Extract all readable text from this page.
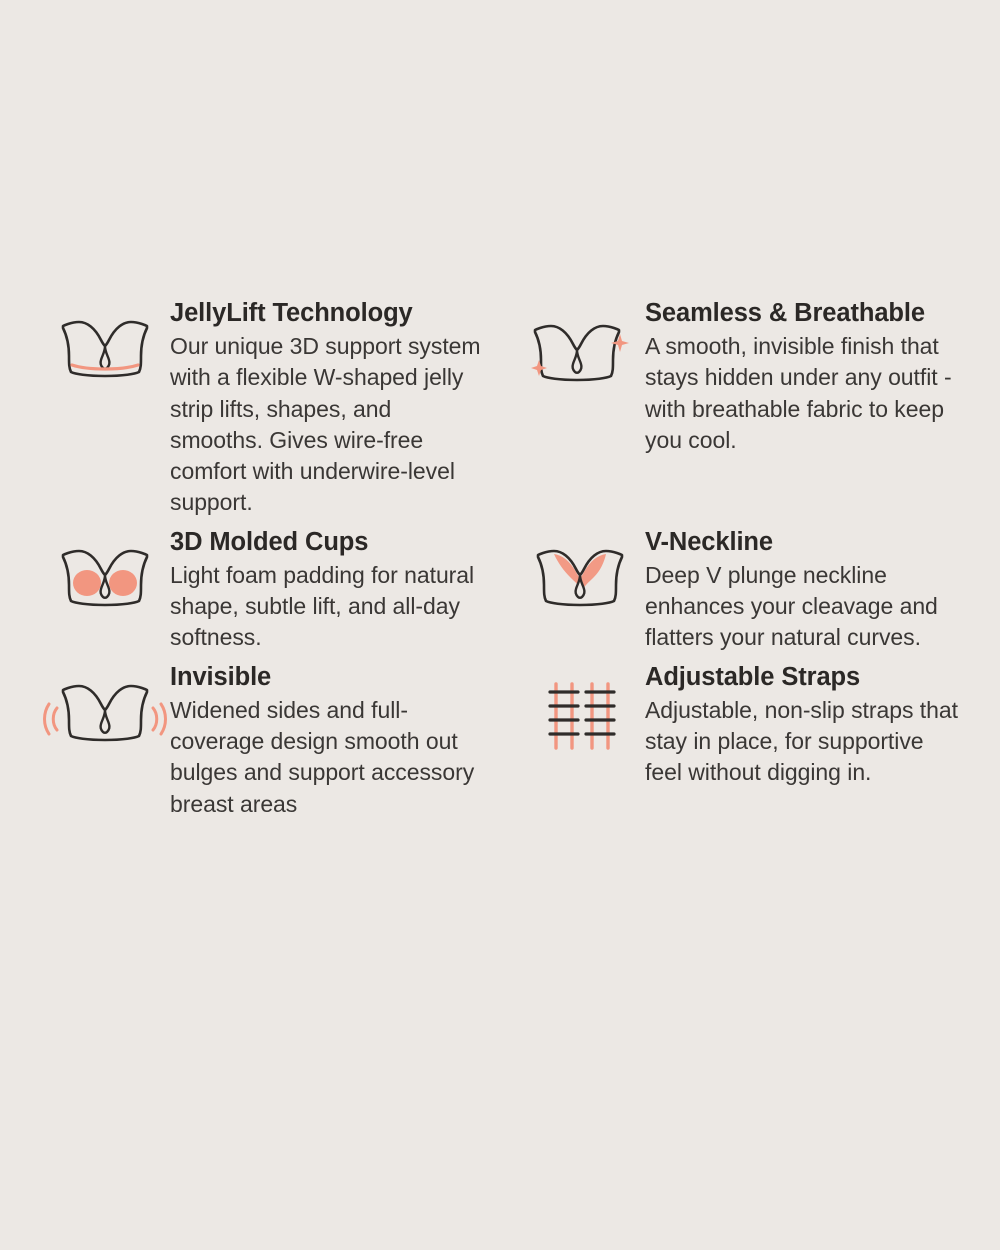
JellyLift Technology

Our unique 3D support system with a flexible W-shaped jelly strip lifts, shapes, and smooths. Gives wire-free comfort with underwire-level support.

Seamless & Breathable

A smooth, invisible finish that stays hidden under any outfit - with breathable fabric to keep you cool.

3D Molded Cups

Light foam padding for natural shape, subtle lift, and all-day softness.

V-Neckline

Deep V plunge neckline enhances your cleavage and flatters your natural curves.

Invisible

Widened sides and full-coverage design smooth out bulges and support accessory breast areas

Adjustable Straps

Adjustable, non-slip straps that stay in place, for supportive feel without digging in.
